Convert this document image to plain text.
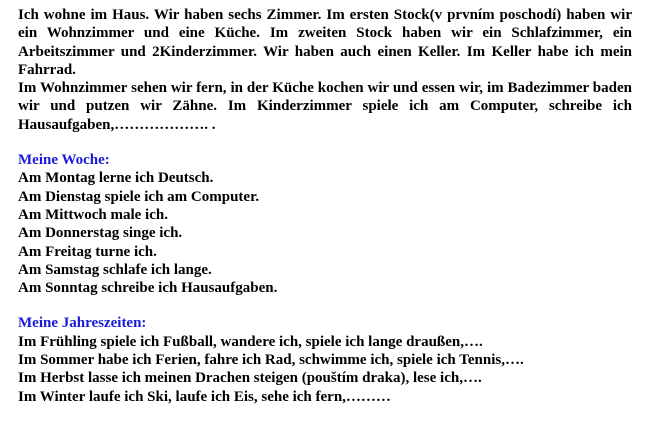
Ich wohne im Haus. Wir haben sechs Zimmer. Im ersten Stock(v prvním poschodí) haben wir ein Wohnzimmer und eine Küche. Im zweiten Stock haben wir ein Schlafzimmer, ein Arbeitszimmer und 2Kinderzimmer. Wir haben auch einen Keller. Im Keller habe ich mein Fahrrad.

Im Wohnzimmer sehen wir fern, in der Küche kochen wir und essen wir, im Badezimmer baden wir und putzen wir Zähne. Im Kinderzimmer spiele ich am Computer, schreibe ich Hausaufgaben,………………. .

Meine Woche:

Am Montag lerne ich Deutsch.

Am Dienstag spiele ich am Computer.

Am Mittwoch male ich.

Am Donnerstag singe ich.

Am Freitag turne ich.

Am Samstag schlafe ich lange.

Am Sonntag schreibe ich Hausaufgaben.

Meine Jahreszeiten:

Im Frühling spiele ich Fußball, wandere ich, spiele ich lange draußen,….

Im Sommer habe ich Ferien, fahre ich Rad, schwimme ich, spiele ich Tennis,….

Im Herbst lasse ich meinen Drachen steigen (pouštím draka), lese ich,….

Im Winter laufe ich Ski, laufe ich Eis, sehe ich fern,………
